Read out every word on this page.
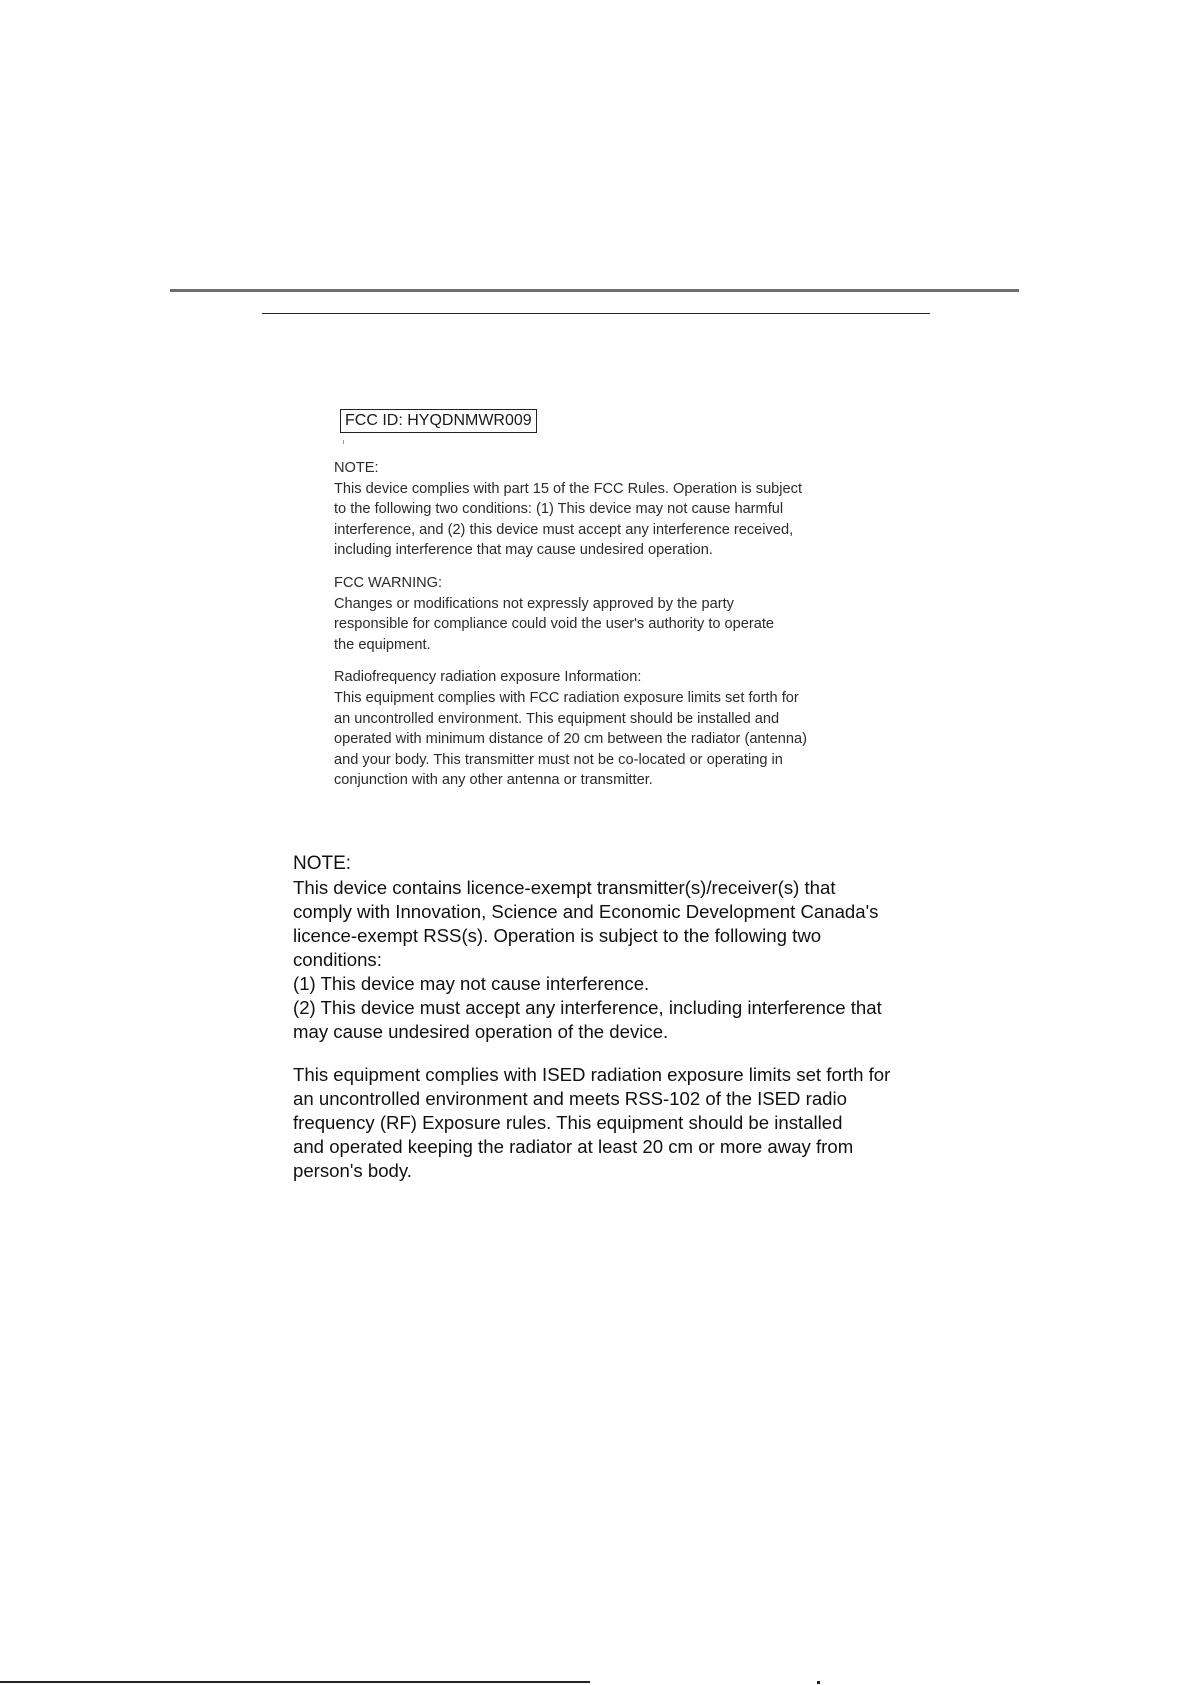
FCC ID: HYQDNMWR009

NOTE:

This device complies with part 15 of the FCC Rules. Operation is subject
to the following two conditions: (1) This device may not cause harmful
interference, and (2) this device must accept any interference received,
including interference that may cause undesired operation.

FCC WARNING:

Changes or modifications not expressly approved by the party
responsible for compliance could void the user's authority to operate
the equipment.

Radiofrequency radiation exposure Information:

This equipment complies with FCC radiation exposure limits set forth for
an uncontrolled environment. This equipment should be installed and
operated with minimum distance of 20 cm between the radiator (antenna)
and your body. This transmitter must not be co-located or operating in
conjunction with any other antenna or transmitter.
NOTE:
This device contains licence-exempt transmitter(s)/receiver(s) that
comply with Innovation, Science and Economic Development Canada's
licence-exempt RSS(s). Operation is subject to the following two
conditions:
(1) This device may not cause interference.
(2) This device must accept any interference, including interference that
may cause undesired operation of the device.
This equipment complies with ISED radiation exposure limits set forth for
an uncontrolled environment and meets RSS-102 of the ISED radio
frequency (RF) Exposure rules. This equipment should be installed
and operated keeping the radiator at least 20 cm or more away from
person's body.
